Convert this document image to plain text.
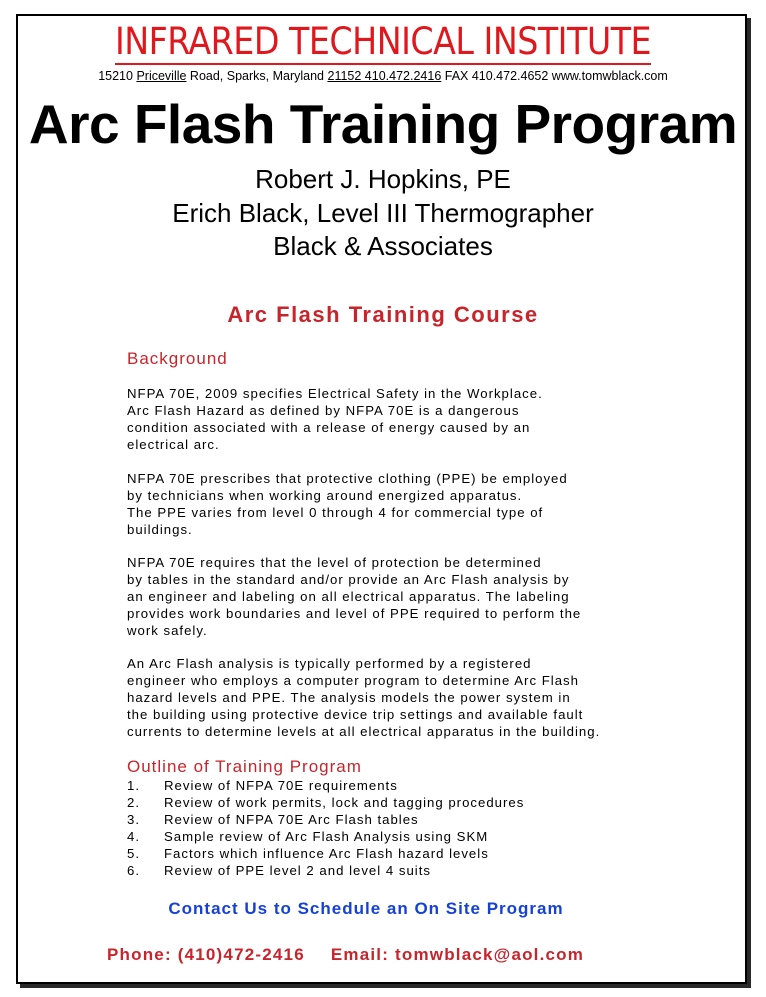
INFRARED TECHNICAL INSTITUTE
15210 Priceville Road, Sparks, Maryland 21152 410.472.2416 FAX 410.472.4652 www.tomwblack.com
Arc Flash Training Program
Robert J. Hopkins, PE
Erich Black, Level III Thermographer
Black & Associates
Arc Flash Training Course
Background
NFPA 70E, 2009 specifies Electrical Safety in the Workplace.
Arc Flash Hazard as defined by NFPA 70E is a dangerous
condition associated with a release of energy caused by an
electrical arc.
NFPA 70E prescribes that protective clothing (PPE) be employed
by technicians when working around energized apparatus.
The PPE varies from level 0 through 4 for commercial type of
buildings.
NFPA 70E requires that the level of protection be determined
by tables in the standard and/or provide an Arc Flash analysis by
an engineer and labeling on all electrical apparatus. The labeling
provides work boundaries and level of PPE required to perform the
work safely.
An Arc Flash analysis is typically performed by a registered
engineer who employs a computer program to determine Arc Flash
hazard levels and PPE. The analysis models the power system in
the building using protective device trip settings and available fault
currents to determine levels at all electrical apparatus in the building.
Outline of Training Program
1. Review of NFPA 70E requirements
2. Review of work permits, lock and tagging procedures
3. Review of NFPA 70E Arc Flash tables
4. Sample review of Arc Flash Analysis using SKM
5. Factors which influence Arc Flash hazard levels
6. Review of PPE level 2 and level 4 suits
Contact Us to Schedule an On Site Program
Phone: (410)472-2416 Email: tomwblack@aol.com
